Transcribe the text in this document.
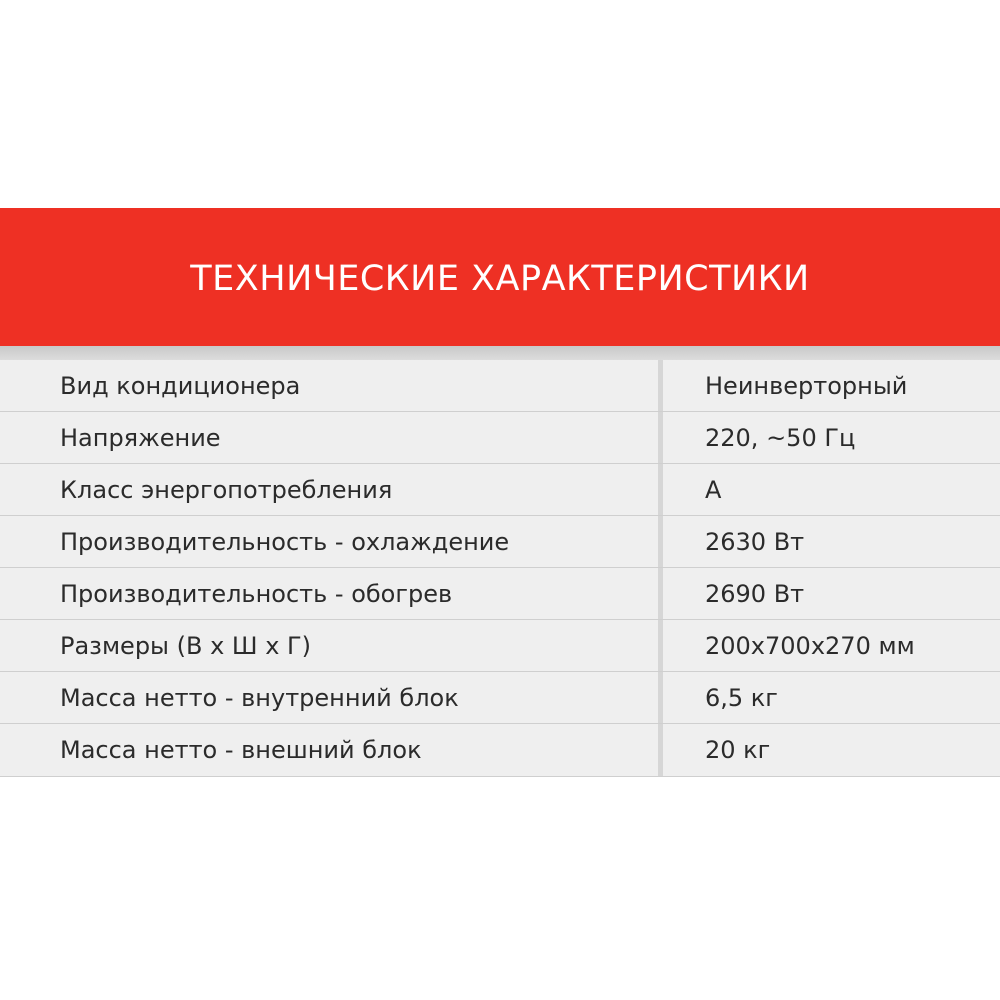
ТЕХНИЧЕСКИЕ ХАРАКТЕРИСТИКИ
Вид кондиционера	Неинверторный
Напряжение	220, ~50 Гц
Класс энергопотребления	А
Производительность - охлаждение	2630 Вт
Производительность - обогрев	2690 Вт
Размеры (В х Ш х Г)	200x700x270 мм
Масса нетто - внутренний блок	6,5 кг
Масса нетто - внешний блок	20 кг
